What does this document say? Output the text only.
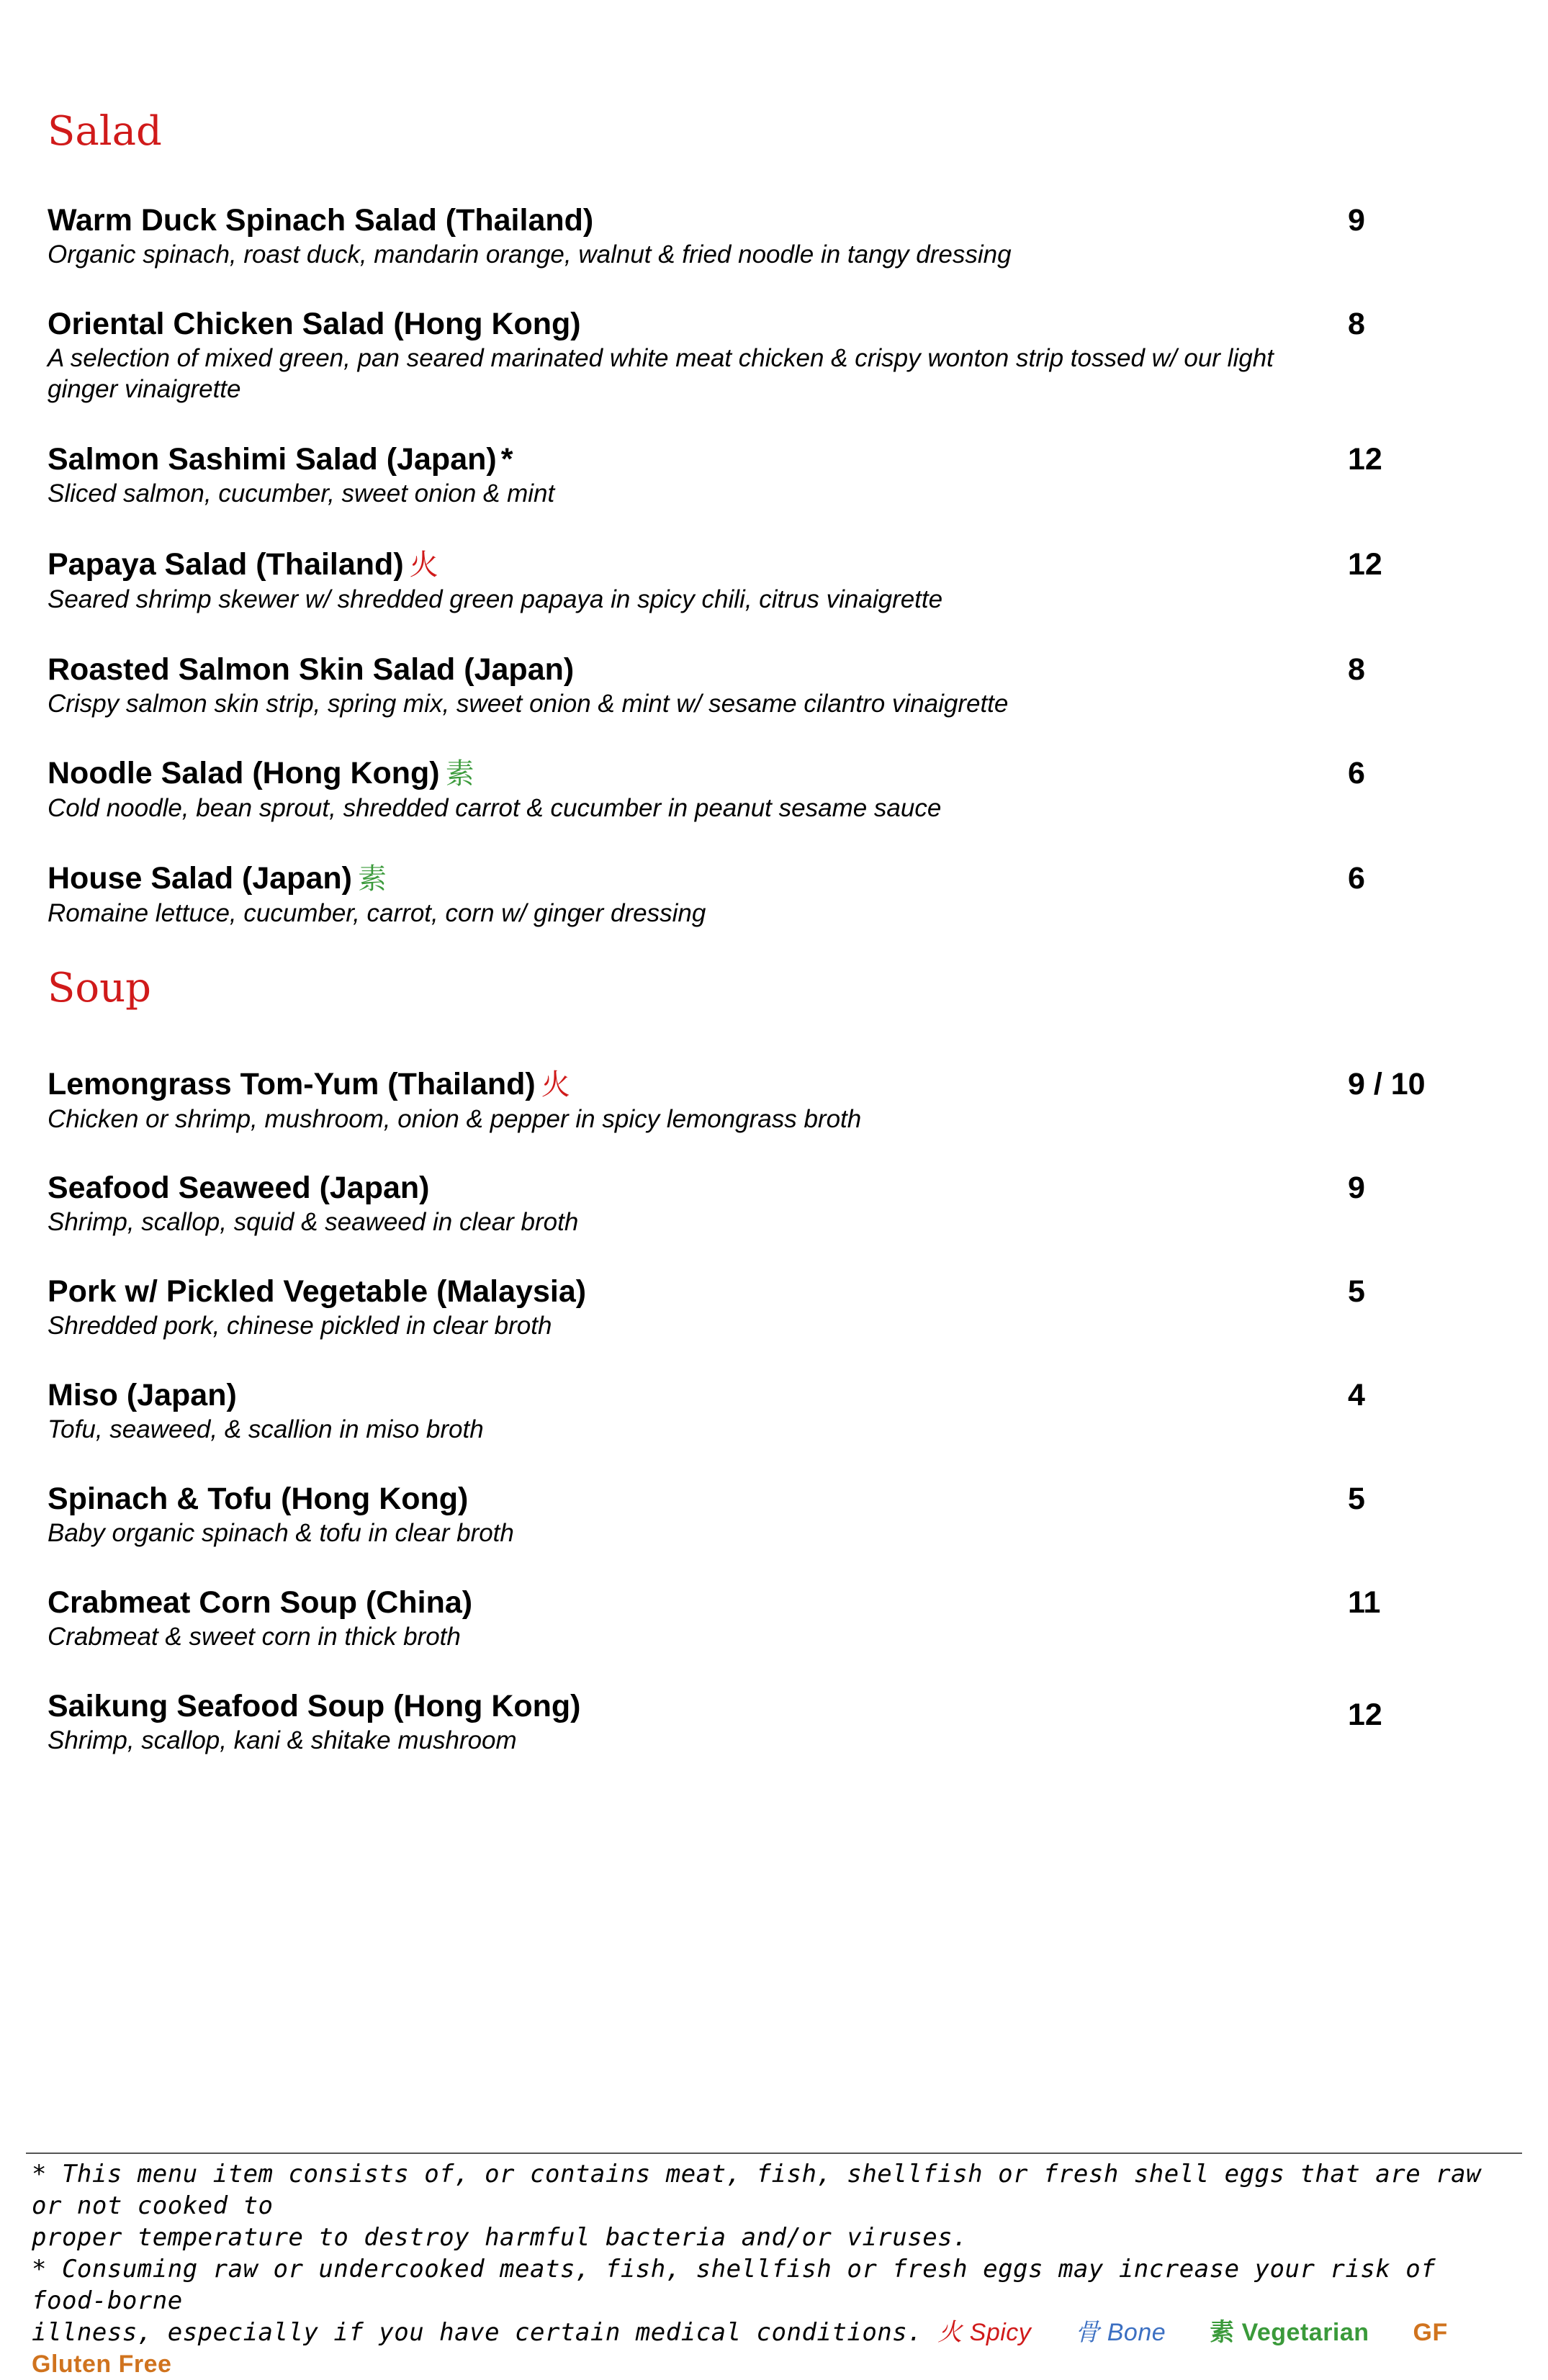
Salad
Warm Duck Spinach Salad (Thailand)
Organic spinach, roast duck, mandarin orange, walnut & fried noodle in tangy dressing
9
Oriental Chicken Salad (Hong Kong)
A selection of mixed green, pan seared marinated white meat chicken & crispy wonton strip tossed w/ our light ginger vinaigrette
8
Salmon Sashimi Salad (Japan) *
Sliced salmon, cucumber, sweet onion & mint
12
Papaya Salad (Thailand) 火
Seared shrimp skewer w/ shredded green papaya in spicy chili, citrus vinaigrette
12
Roasted Salmon Skin Salad (Japan)
Crispy salmon skin strip, spring mix, sweet onion & mint w/ sesame cilantro vinaigrette
8
Noodle Salad (Hong Kong) 素
Cold noodle, bean sprout, shredded carrot & cucumber in peanut sesame sauce
6
House Salad (Japan) 素
Romaine lettuce, cucumber, carrot, corn w/ ginger dressing
6
Soup
Lemongrass Tom-Yum (Thailand) 火
Chicken or shrimp, mushroom, onion & pepper in spicy lemongrass broth
9 / 10
Seafood Seaweed (Japan)
Shrimp, scallop, squid & seaweed in clear broth
9
Pork w/ Pickled Vegetable (Malaysia)
Shredded pork, chinese pickled in clear broth
5
Miso (Japan)
Tofu, seaweed, & scallion in miso broth
4
Spinach & Tofu (Hong Kong)
Baby organic spinach & tofu in clear broth
5
Crabmeat Corn Soup (China)
Crabmeat & sweet corn in thick broth
11
Saikung Seafood Soup (Hong Kong)
Shrimp, scallop, kani & shitake mushroom
12
* This menu item consists of, or contains meat, fish, shellfish or fresh shell eggs that are raw or not cooked to
proper temperature to destroy harmful bacteria and/or viruses.
* Consuming raw or undercooked meats, fish, shellfish or fresh eggs may increase your risk of food-borne
illness, especially if you have certain medical conditions. 火 Spicy 骨 Bone 素 Vegetarian GF Gluten Free
